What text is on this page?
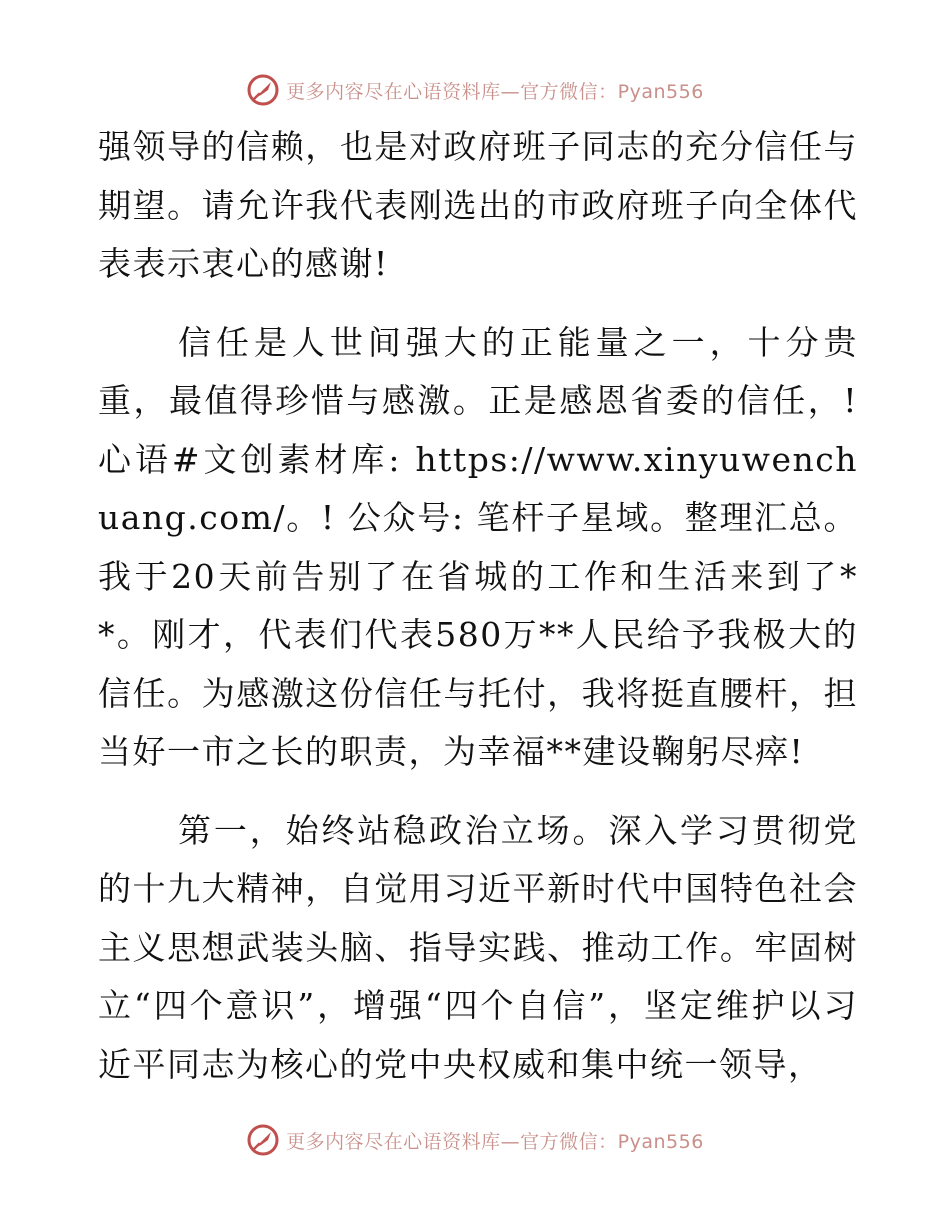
更多内容尽在心语资料库—官方微信：Pyan556

强领导的信赖，也是对政府班子同志的充分信任与期望。请允许我代表刚选出的市政府班子向全体代表表示衷心的感谢!

信任是人世间强大的正能量之一，十分贵重，最值得珍惜与感激。正是感恩省委的信任，!心语#文创素材库: https://www.xinyuwenchuang.com/。! 公众号: 笔杆子星域。整理汇总。我于20天前告别了在省城的工作和生活来到了**。刚才，代表们代表580万**人民给予我极大的信任。为感激这份信任与托付，我将挺直腰杆，担当好一市之长的职责，为幸福**建设鞠躬尽瘁!

第一，始终站稳政治立场。深入学习贯彻党的十九大精神，自觉用习近平新时代中国特色社会主义思想武装头脑、指导实践、推动工作。牢固树立“四个意识”，增强“四个自信”，坚定维护以习近平同志为核心的党中央权威和集中统一领导，

更多内容尽在心语资料库—官方微信：Pyan556
